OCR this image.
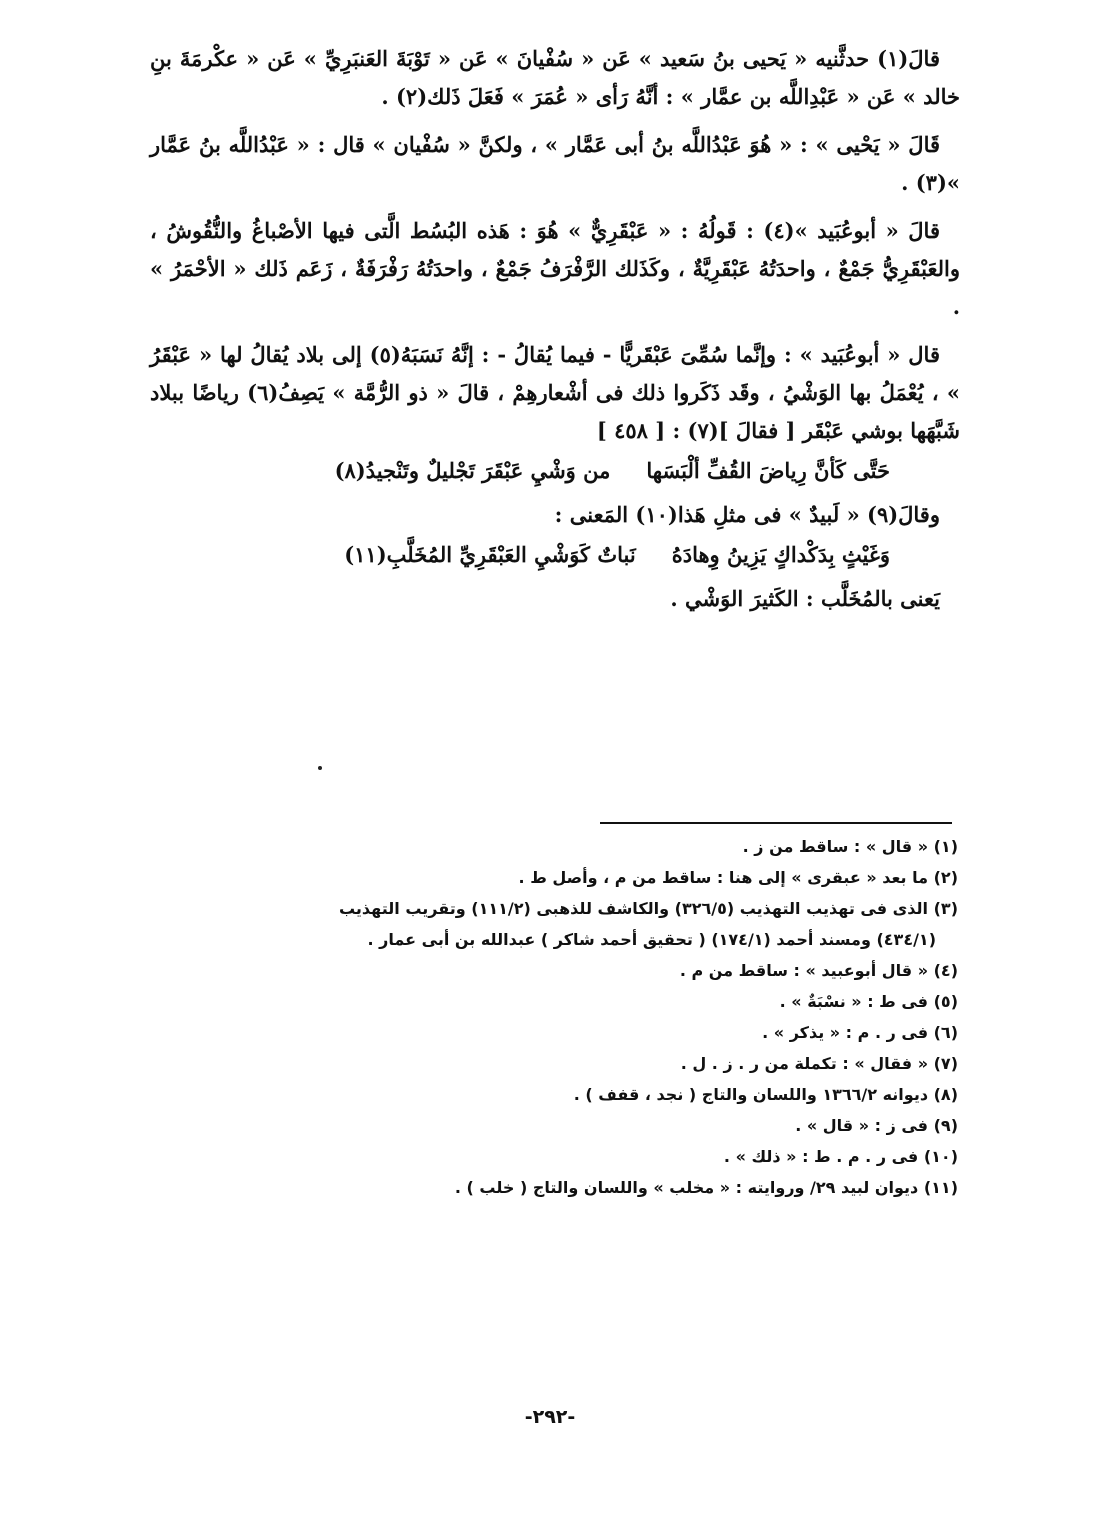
قالَ(١) حدثَّنيه « يَحيى بنُ سَعيد » عَن « سُفْيانَ » عَن « تَوْبَةَ العَنبَرِيِّ » عَن « عكْرمَةَ بنِ خالد » عَن « عَبْدِاللَّه بن عمَّار » : أنَّهُ رَأى « عُمَرَ » فَعَلَ ذَلك(٢) .

قَالَ « يَحْيى » : « هُوَ عَبْدُاللَّه بنُ أبى عَمَّار » ، ولكنَّ « سُفْيان » قال : « عَبْدُاللَّه بنُ عَمَّار »(٣) .

قالَ « أبوعُبَيد »(٤) : قَولُهُ : « عَبْقَرِيٌّ » هُوَ : هَذه البُسُط الَّتى فيها الأصْباغُ والنُّقُوشُ ، والعَبْقَرِيُّ جَمْعٌ ، واحدَتُهُ عَبْقَرِيَّةٌ ، وكَذَلك الرَّفْرَفُ جَمْعٌ ، واحدَتُهُ رَفْرَفَةٌ ، زَعَم ذَلك « الأحْمَرُ » .

قال « أبوعُبَيد » : وإنَّما سُمِّىَ عَبْقَريًّا - فيما يُقالُ - : إنَّهُ نَسَبَهُ(٥) إلى بلاد يُقالُ لها « عَبْقَرُ » ، يُعْمَلُ بها الوَشْيُ ، وقَد ذَكَروا ذلك فى أشْعارهِمْ ، قالَ « ذو الرُّمَّة » يَصِفُ(٦) رياضًا ببلاد شَبَّهَها بوشي عَبْقَر [ فقالَ ](٧) : [ ٤٥٨ ]

حَتَّى كَأنَّ رِياضَ القُفِّ ألْبَسَها
من وَشْيِ عَبْقَرَ تَجْليلٌ وتَنْجيدُ(٨)

وقالَ(٩) « لَبيدٌ » فى مثلِ هَذا(١٠) المَعنى :

وَغَيْثٍ بِدَكْداكٍ يَزِينُ وِهادَهُ
نَباتٌ كَوَشْيِ العَبْقَرِيِّ المُخَلَّبِ(١١)

يَعنى بالمُخَلَّب : الكَثيرَ الوَشْي .

(١) « قال » : ساقط من ز .
(٢) ما بعد « عبقرى » إلى هنا : ساقط من م ، وأصل ط .
(٣) الذى فى تهذيب التهذيب (٣٢٦/٥) والكاشف للذهبى (١١١/٢) وتقريب التهذيب
(٤٣٤/١) ومسند أحمد (١٧٤/١) ( تحقيق أحمد شاكر ) عبدالله بن أبى عمار .
(٤) « قال أبوعبيد » : ساقط من م .
(٥) فى ط : « نسْبَةٌ » .
(٦) فى ر . م : « يذكر » .
(٧) « فقال » : تكملة من ر . ز . ل .
(٨) ديوانه ١٣٦٦/٢ واللسان والتاج ( نجد ، قفف ) .
(٩) فى ز : « قال » .
(١٠) فى ر . م . ط : « ذلك » .
(١١) ديوان لبيد ٢٩/ وروايته : « مخلب » واللسان والتاج ( خلب ) .
-٢٩٢-
